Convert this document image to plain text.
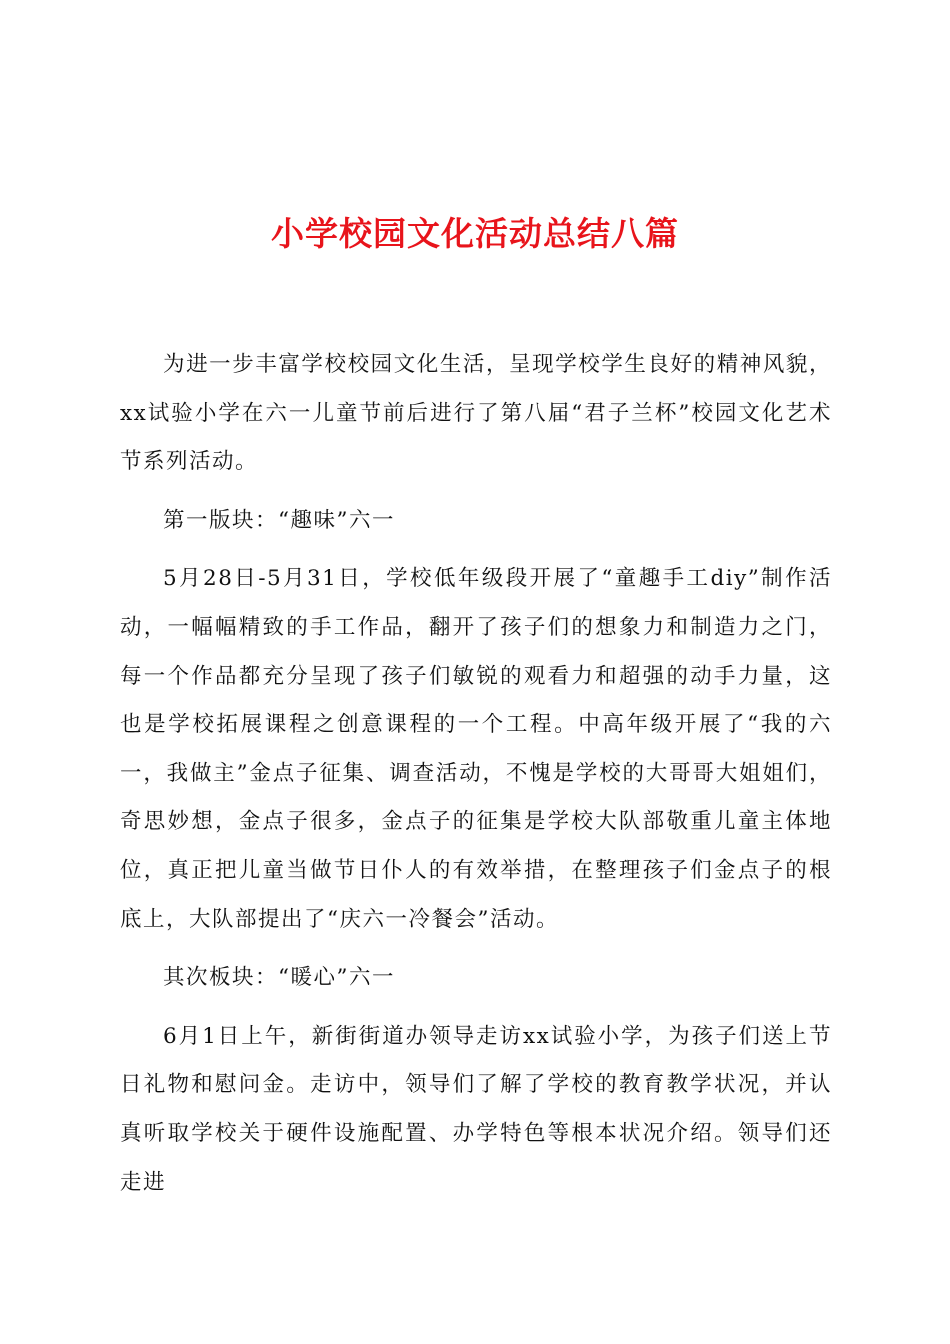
小学校园文化活动总结八篇

为进一步丰富学校校园文化生活，呈现学校学生良好的精神风貌，xx试验小学在六一儿童节前后进行了第八届“君子兰杯”校园文化艺术节系列活动。

第一版块：“趣味”六一

5月28日-5月31日，学校低年级段开展了“童趣手工diy”制作活动，一幅幅精致的手工作品，翻开了孩子们的想象力和制造力之门，每一个作品都充分呈现了孩子们敏锐的观看力和超强的动手力量，这也是学校拓展课程之创意课程的一个工程。中高年级开展了“我的六一，我做主”金点子征集、调查活动，不愧是学校的大哥哥大姐姐们，奇思妙想，金点子很多，金点子的征集是学校大队部敬重儿童主体地位，真正把儿童当做节日仆人的有效举措，在整理孩子们金点子的根底上，大队部提出了“庆六一冷餐会”活动。

其次板块：“暖心”六一

6月1日上午，新街街道办领导走访xx试验小学，为孩子们送上节日礼物和慰问金。走访中，领导们了解了学校的教育教学状况，并认真听取学校关于硬件设施配置、办学特色等根本状况介绍。领导们还走进
